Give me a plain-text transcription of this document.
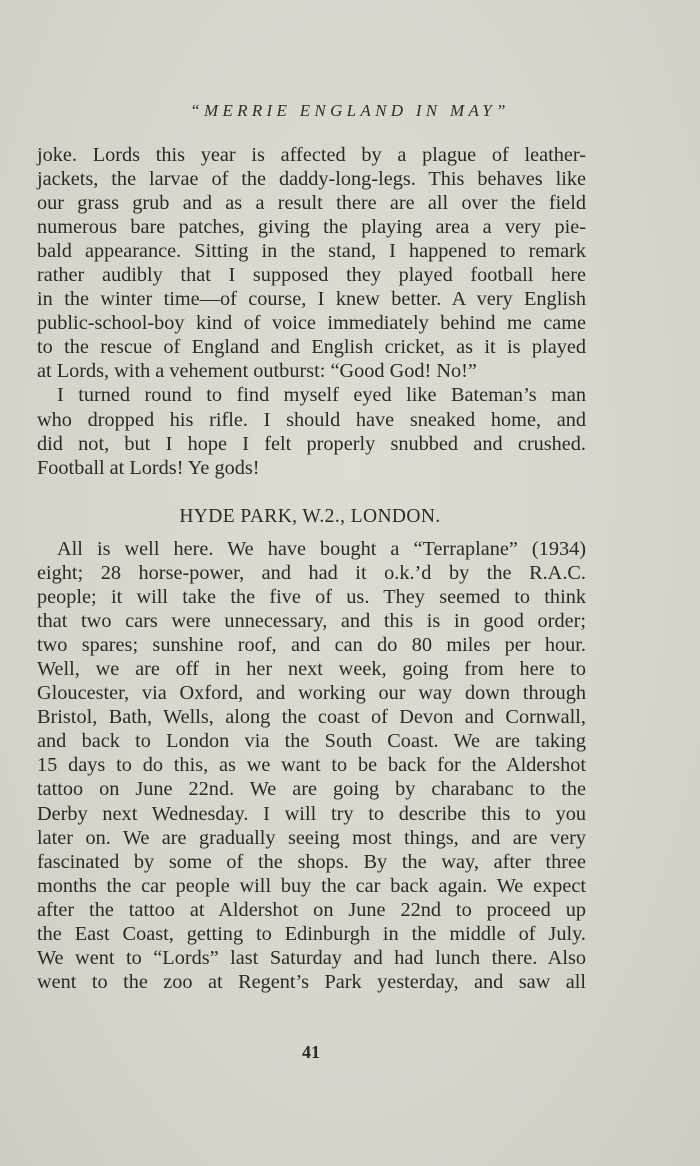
“MERRIE ENGLAND IN MAY”
joke. Lords this year is affected by a plague of leather-
jackets, the larvae of the daddy-long-legs. This behaves like
our grass grub and as a result there are all over the field
numerous bare patches, giving the playing area a very pie-
bald appearance. Sitting in the stand, I happened to remark
rather audibly that I supposed they played football here
in the winter time—of course, I knew better. A very English
public-school-boy kind of voice immediately behind me came
to the rescue of England and English cricket, as it is played
at Lords, with a vehement outburst: “Good God! No!”
I turned round to find myself eyed like Bateman’s man
who dropped his rifle. I should have sneaked home, and
did not, but I hope I felt properly snubbed and crushed.
Football at Lords! Ye gods!
HYDE PARK, W.2., LONDON.
All is well here. We have bought a “Terraplane” (1934)
eight; 28 horse-power, and had it o.k.’d by the R.A.C.
people; it will take the five of us. They seemed to think
that two cars were unnecessary, and this is in good order;
two spares; sunshine roof, and can do 80 miles per hour.
Well, we are off in her next week, going from here to
Gloucester, via Oxford, and working our way down through
Bristol, Bath, Wells, along the coast of Devon and Cornwall,
and back to London via the South Coast. We are taking
15 days to do this, as we want to be back for the Aldershot
tattoo on June 22nd. We are going by charabanc to the
Derby next Wednesday. I will try to describe this to you
later on. We are gradually seeing most things, and are very
fascinated by some of the shops. By the way, after three
months the car people will buy the car back again. We expect
after the tattoo at Aldershot on June 22nd to proceed up
the East Coast, getting to Edinburgh in the middle of July.
We went to “Lords” last Saturday and had lunch there. Also
went to the zoo at Regent’s Park yesterday, and saw all
41
